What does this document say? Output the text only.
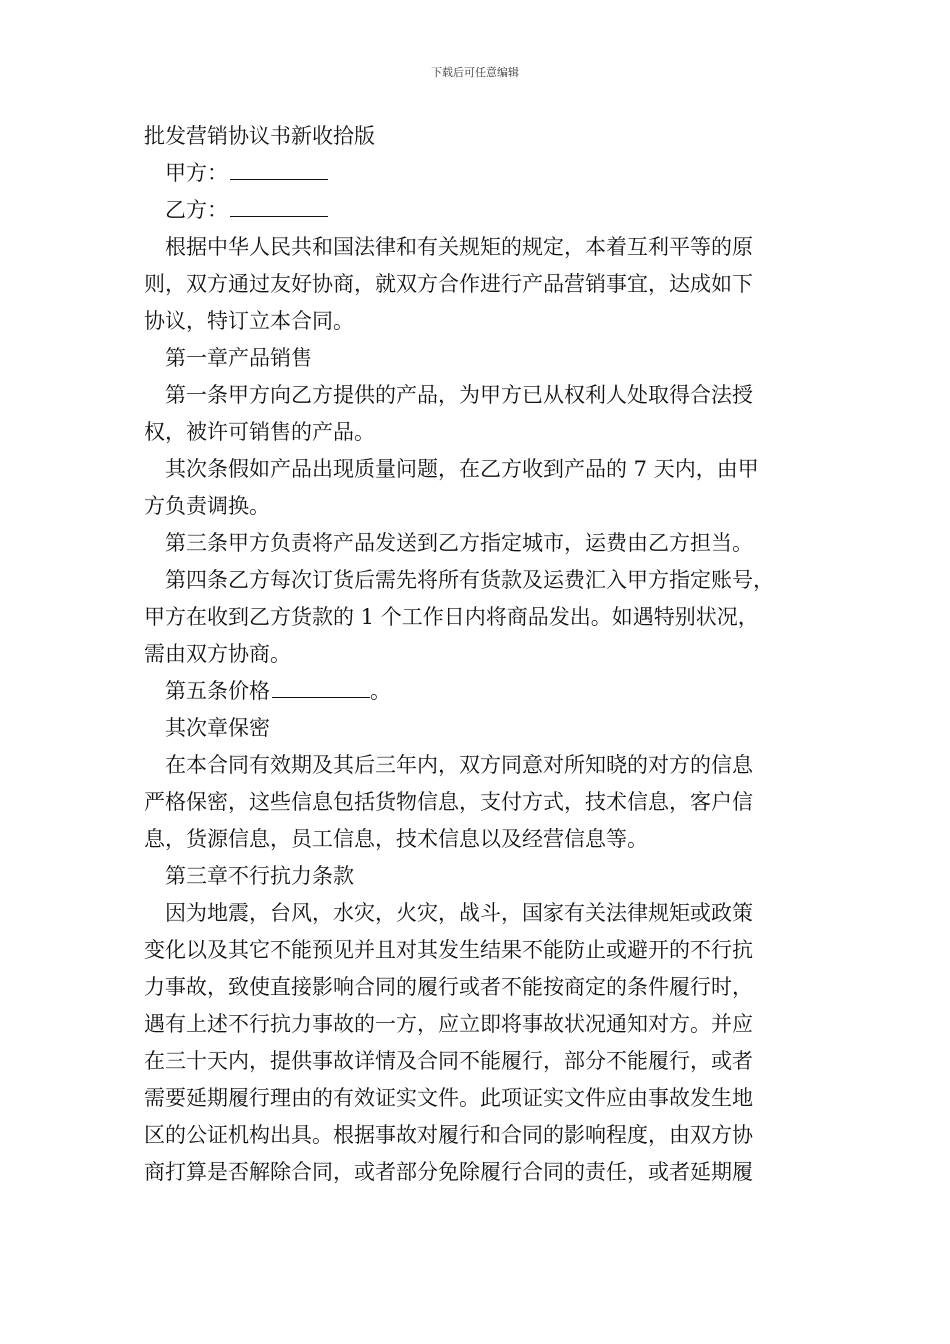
下载后可任意编辑
批发营销协议书新收拾版
甲方：
乙方：
根据中华人民共和国法律和有关规矩的规定，本着互利平等的原
则，双方通过友好协商，就双方合作进行产品营销事宜，达成如下
协议，特订立本合同。
第一章产品销售
第一条甲方向乙方提供的产品，为甲方已从权利人处取得合法授
权，被许可销售的产品。
其次条假如产品出现质量问题，在乙方收到产品的 7 天内，由甲
方负责调换。
第三条甲方负责将产品发送到乙方指定城市，运费由乙方担当。
第四条乙方每次订货后需先将所有货款及运费汇入甲方指定账号，
甲方在收到乙方货款的 1 个工作日内将商品发出。如遇特别状况，
需由双方协商。
第五条价格	。
其次章保密
在本合同有效期及其后三年内，双方同意对所知晓的对方的信息
严格保密，这些信息包括货物信息，支付方式，技术信息，客户信
息，货源信息，员工信息，技术信息以及经营信息等。
第三章不行抗力条款
因为地震，台风，水灾，火灾，战斗，国家有关法律规矩或政策
变化以及其它不能预见并且对其发生结果不能防止或避开的不行抗
力事故，致使直接影响合同的履行或者不能按商定的条件履行时，
遇有上述不行抗力事故的一方，应立即将事故状况通知对方。并应
在三十天内，提供事故详情及合同不能履行，部分不能履行，或者
需要延期履行理由的有效证实文件。此项证实文件应由事故发生地
区的公证机构出具。根据事故对履行和合同的影响程度，由双方协
商打算是否解除合同，或者部分免除履行合同的责任，或者延期履
